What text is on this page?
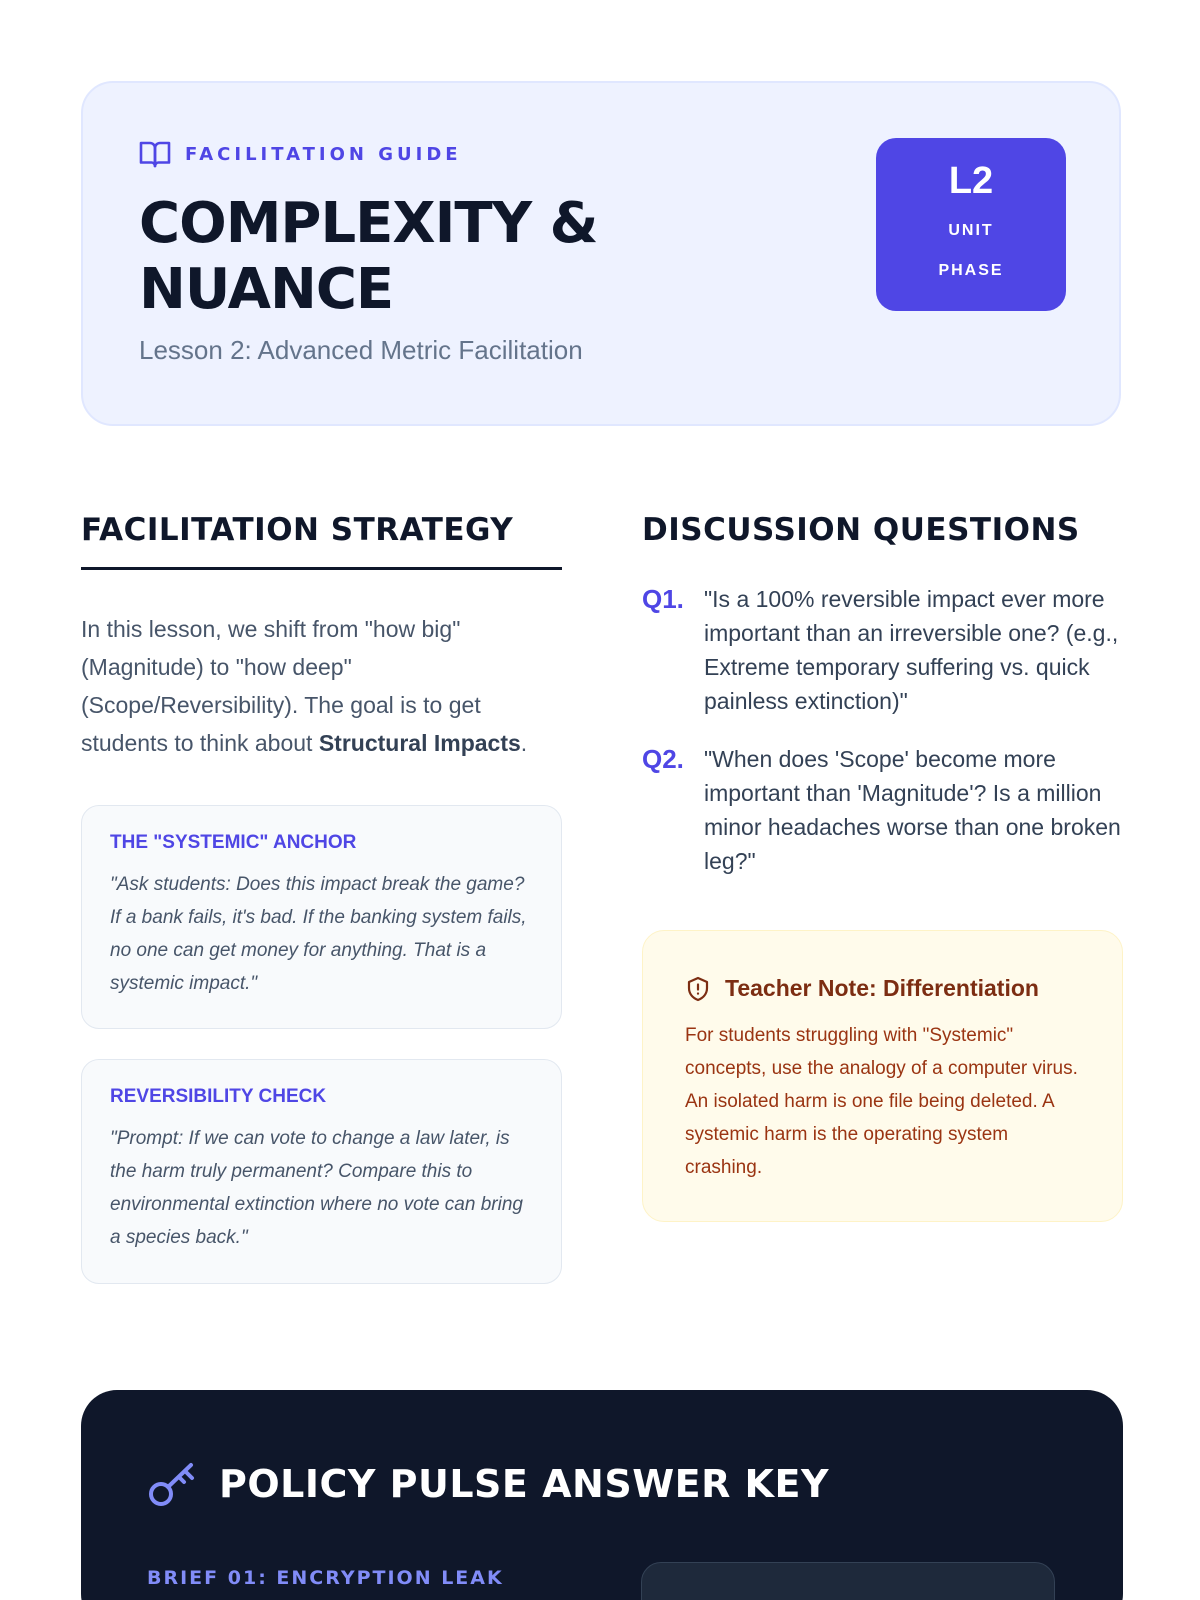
FACILITATION GUIDE
COMPLEXITY & NUANCE
Lesson 2: Advanced Metric Facilitation
L2
UNIT
PHASE
FACILITATION STRATEGY

In this lesson, we shift from "how big" (Magnitude) to "how deep" (Scope/Reversibility). The goal is to get students to think about Structural Impacts.

THE "SYSTEMIC" ANCHOR
"Ask students: Does this impact break the game? If a bank fails, it's bad. If the banking system fails, no one can get money for anything. That is a systemic impact."
REVERSIBILITY CHECK
"Prompt: If we can vote to change a law later, is the harm truly permanent? Compare this to environmental extinction where no vote can bring a species back."
DISCUSSION QUESTIONS
Q1. "Is a 100% reversible impact ever more important than an irreversible one? (e.g., Extreme temporary suffering vs. quick painless extinction)"

Q2. "When does 'Scope' become more important than 'Magnitude'? Is a million minor headaches worse than one broken leg?"

Teacher Note: Differentiation

For students struggling with "Systemic" concepts, use the analogy of a computer virus. An isolated harm is one file being deleted. A systemic harm is the operating system crashing.

POLICY PULSE ANSWER KEY
BRIEF 01: ENCRYPTION LEAK
